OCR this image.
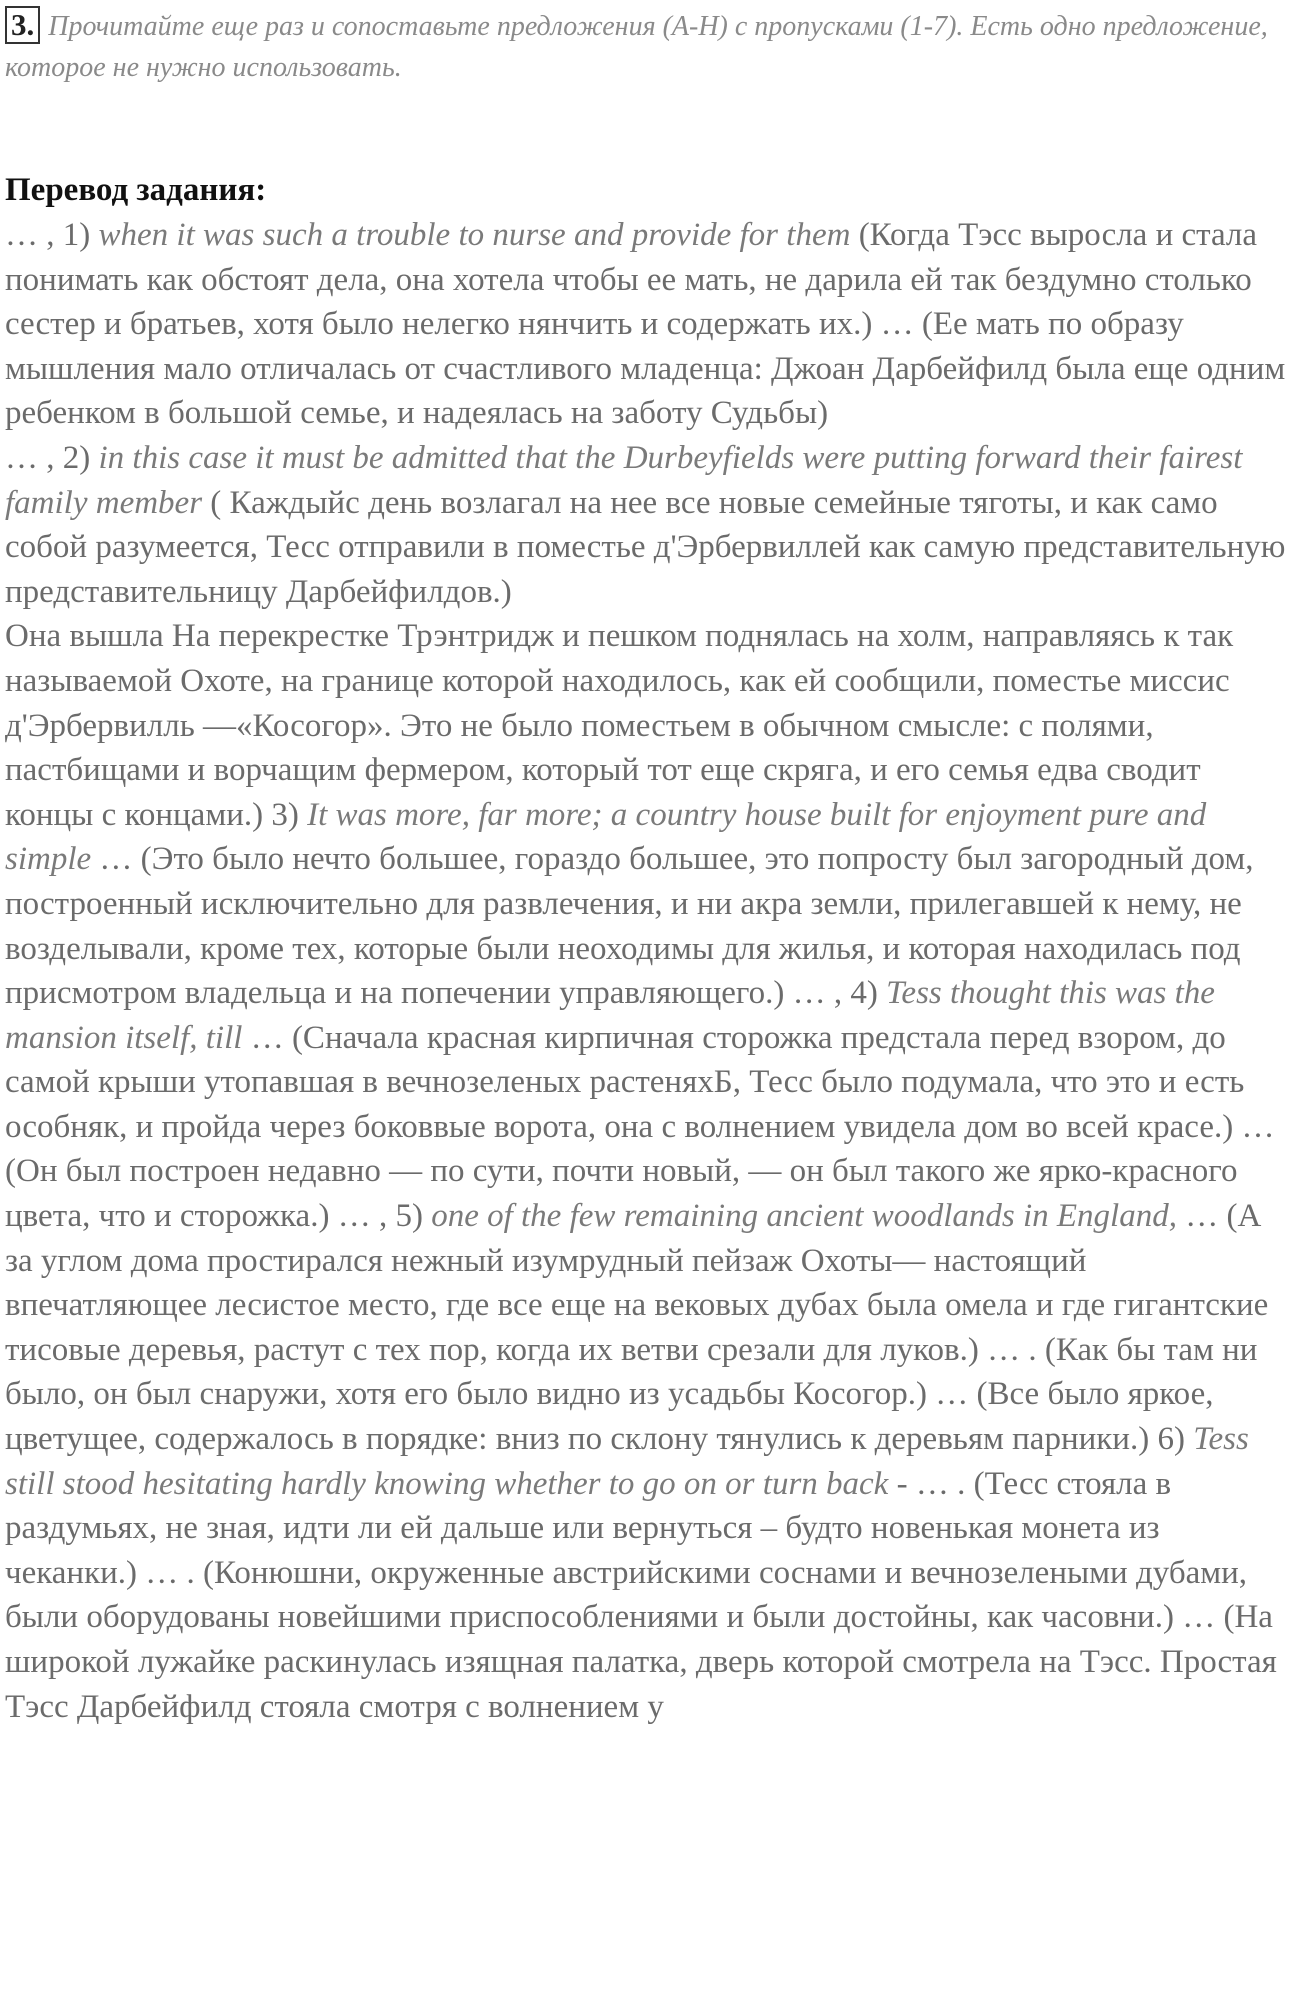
3. Прочитайте еще раз и сопоставьте предложения (A-H) с пропусками (1-7). Есть одно предложение, которое не нужно использовать.
Перевод задания:

… , 1) when it was such a trouble to nurse and provide for them (Когда Тэсс выросла и стала понимать как обстоят дела, она хотела чтобы ее мать, не дарила ей так бездумно столько сестер и братьев, хотя было нелегко нянчить и содержать их.) … (Ее мать по образу мышления мало отличалась от счастливого младенца: Джоан Дарбейфилд была еще одним ребенком в большой семье, и надеялась на заботу Судьбы)

… , 2) in this case it must be admitted that the Durbeyfields were putting forward their fairest family member ( Каждыйс день возлагал на нее все новые семейные тяготы, и как само собой разумеется, Тесс отправили в поместье д'Эрбервиллей как самую представительную представительницу Дарбейфилдов.)

Она вышла На перекрестке Трэнтридж и пешком поднялась на холм, направляясь к так называемой Охоте, на границе которой находилось, как ей сообщили, поместье миссис д'Эрбервилль —«Косогор». Это не было поместьем в обычном смысле: с полями, пастбищами и ворчащим фермером, который тот еще скряга, и его семья едва сводит концы с концами.) 3) It was more, far more; a country house built for enjoyment pure and simple … (Это было нечто большее, гораздо большее, это попросту был загородный дом, построенный исключительно для развлечения, и ни акра земли, прилегавшей к нему, не возделывали, кроме тех, которые были неоходимы для жилья, и которая находилась под присмотром владельца и на попечении управляющего.) … , 4) Tess thought this was the mansion itself, till … (Сначала красная кирпичная сторожка предстала перед взором, до самой крыши утопавшая в вечнозеленых растеняхБ, Тесс было подумала, что это и есть особняк, и пройда через боковвые ворота, она с волнением увидела дом во всей красе.) … (Он был построен недавно — по сути, почти новый, — он был такого же ярко-красного цвета, что и сторожка.) … , 5) one of the few remaining ancient woodlands in England, … (А за углом дома простирался нежный изумрудный пейзаж Охоты— настоящий впечатляющее лесистое место, где все еще на вековых дубах была омела и где гигантские тисовые деревья, растут с тех пор, когда их ветви срезали для луков.) … . (Как бы там ни было, он был снаружи, хотя его было видно из усадьбы Косогор.) … (Все было яркое, цветущее, содержалось в порядке: вниз по склону тянулись к деревьям парники.) 6) Tess still stood hesitating hardly knowing whether to go on or turn back - … . (Тесс стояла в раздумьях, не зная, идти ли ей дальше или вернуться – будто новенькая монета из чеканки.) … . (Конюшни, окруженные австрийскими соснами и вечнозелеными дубами, были оборудованы новейшими приспособлениями и были достойны, как часовни.) … (На широкой лужайке раскинулась изящная палатка, дверь которой смотрела на Тэсс. Простая Тэсс Дарбейфилд стояла смотря с волнением у
